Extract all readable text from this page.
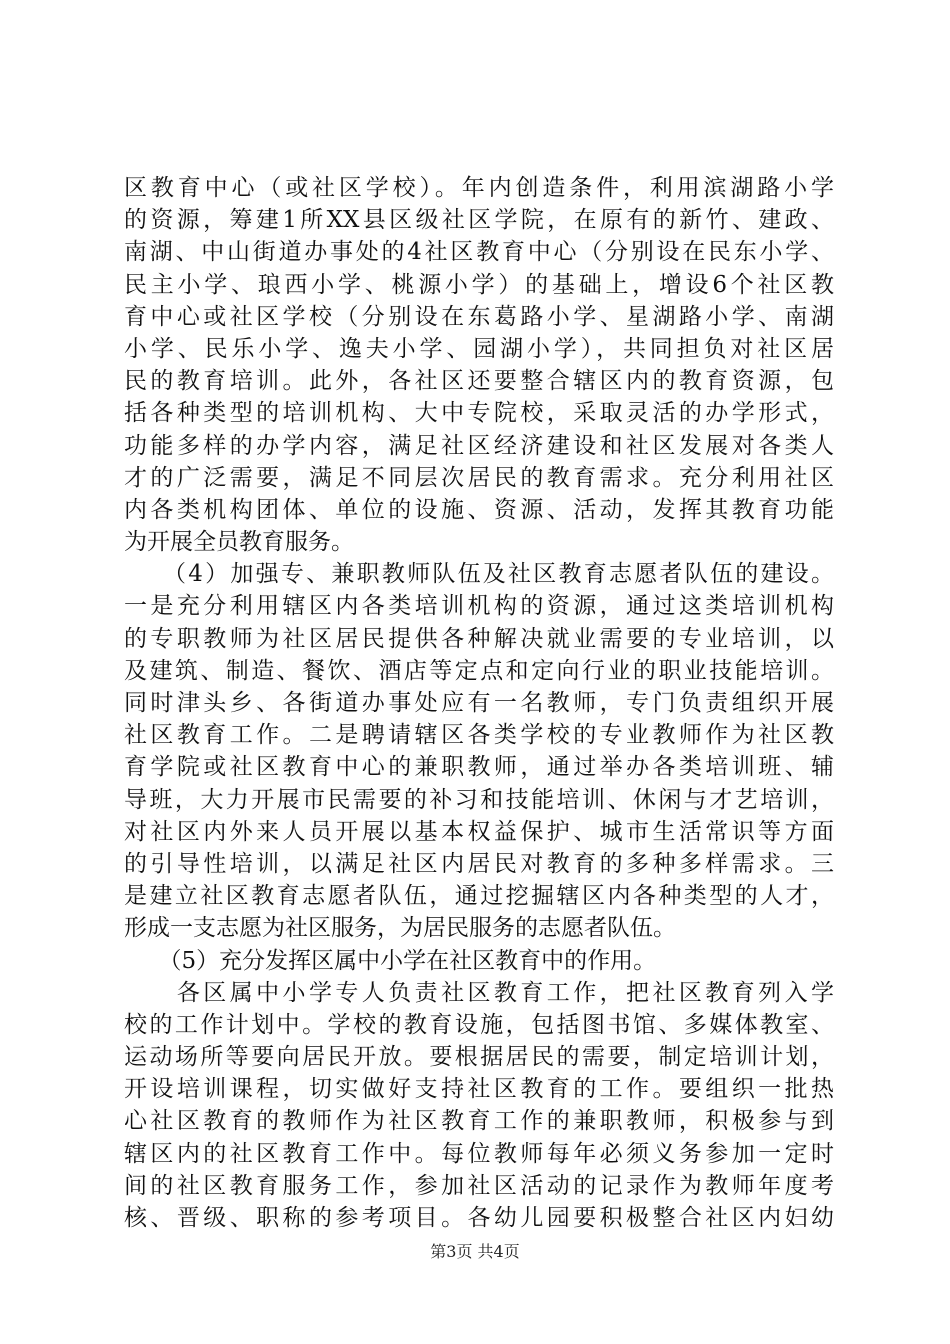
区教育中心（或社区学校）。年内创造条件，利用滨湖路小学
的资源，筹建1所XX县区级社区学院，在原有的新竹、建政、
南湖、中山街道办事处的4社区教育中心（分别设在民东小学、
民主小学、琅西小学、桃源小学）的基础上，增设6个社区教
育中心或社区学校（分别设在东葛路小学、星湖路小学、南湖
小学、民乐小学、逸夫小学、园湖小学），共同担负对社区居
民的教育培训。此外，各社区还要整合辖区内的教育资源，包
括各种类型的培训机构、大中专院校，采取灵活的办学形式，
功能多样的办学内容，满足社区经济建设和社区发展对各类人
才的广泛需要，满足不同层次居民的教育需求。充分利用社区
内各类机构团体、单位的设施、资源、活动，发挥其教育功能
为开展全员教育服务。
　　（4）加强专、兼职教师队伍及社区教育志愿者队伍的建设。
一是充分利用辖区内各类培训机构的资源，通过这类培训机构
的专职教师为社区居民提供各种解决就业需要的专业培训，以
及建筑、制造、餐饮、酒店等定点和定向行业的职业技能培训。
同时津头乡、各街道办事处应有一名教师，专门负责组织开展
社区教育工作。二是聘请辖区各类学校的专业教师作为社区教
育学院或社区教育中心的兼职教师，通过举办各类培训班、辅
导班，大力开展市民需要的补习和技能培训、休闲与才艺培训，
对社区内外来人员开展以基本权益保护、城市生活常识等方面
的引导性培训，以满足社区内居民对教育的多种多样需求。三
是建立社区教育志愿者队伍，通过挖掘辖区内各种类型的人才，
形成一支志愿为社区服务，为居民服务的志愿者队伍。
　　（5）充分发挥区属中小学在社区教育中的作用。
　　各区属中小学专人负责社区教育工作，把社区教育列入学
校的工作计划中。学校的教育设施，包括图书馆、多媒体教室、
运动场所等要向居民开放。要根据居民的需要，制定培训计划，
开设培训课程，切实做好支持社区教育的工作。要组织一批热
心社区教育的教师作为社区教育工作的兼职教师，积极参与到
辖区内的社区教育工作中。每位教师每年必须义务参加一定时
间的社区教育服务工作，参加社区活动的记录作为教师年度考
核、晋级、职称的参考项目。各幼儿园要积极整合社区内妇幼
第3页 共4页
